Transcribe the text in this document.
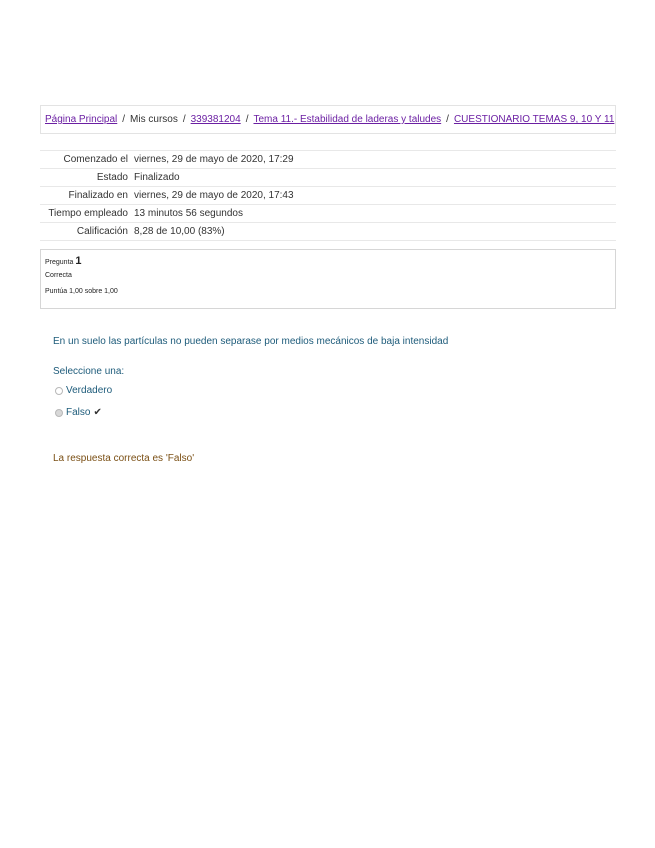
Página Principal / Mis cursos / 339381204 / Tema 11.- Estabilidad de laderas y taludes / CUESTIONARIO TEMAS 9, 10 Y 11
Comenzado el	viernes, 29 de mayo de 2020, 17:29
Estado	Finalizado
Finalizado en	viernes, 29 de mayo de 2020, 17:43
Tiempo empleado	13 minutos 56 segundos
Calificación	8,28 de 10,00 (83%)
Pregunta 1
Correcta
Puntúa 1,00 sobre 1,00
En un suelo las partículas no pueden separase por medios mecánicos de baja intensidad
Seleccione una:
Verdadero
Falso ✔
La respuesta correcta es 'Falso'
